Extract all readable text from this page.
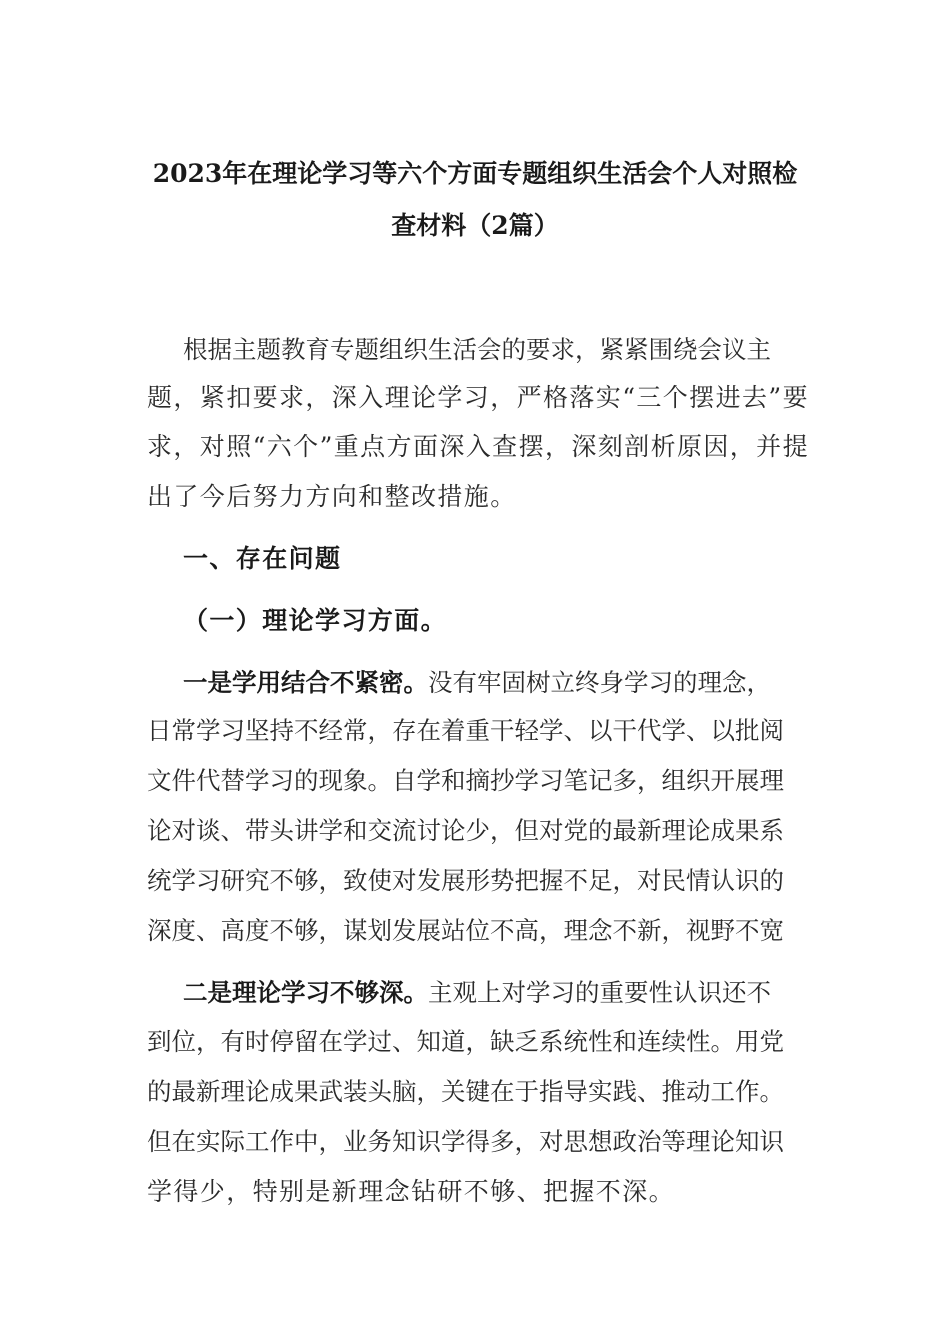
2023年在理论学习等六个方面专题组织生活会个人对照检
查材料（2篇）
根据主题教育专题组织生活会的要求，紧紧围绕会议主
题，紧扣要求，深入理论学习，严格落实“三个摆进去”要
求，对照“六个”重点方面深入查摆，深刻剖析原因，并提
出了今后努力方向和整改措施。
一、存在问题
（一）理论学习方面。
一是学用结合不紧密。没有牢固树立终身学习的理念，
日常学习坚持不经常，存在着重干轻学、以干代学、以批阅
文件代替学习的现象。自学和摘抄学习笔记多，组织开展理
论对谈、带头讲学和交流讨论少，但对党的最新理论成果系
统学习研究不够，致使对发展形势把握不足，对民情认识的
深度、高度不够，谋划发展站位不高，理念不新，视野不宽
二是理论学习不够深。主观上对学习的重要性认识还不
到位，有时停留在学过、知道，缺乏系统性和连续性。用党
的最新理论成果武装头脑，关键在于指导实践、推动工作。
但在实际工作中，业务知识学得多，对思想政治等理论知识
学得少，特别是新理念钻研不够、把握不深。
